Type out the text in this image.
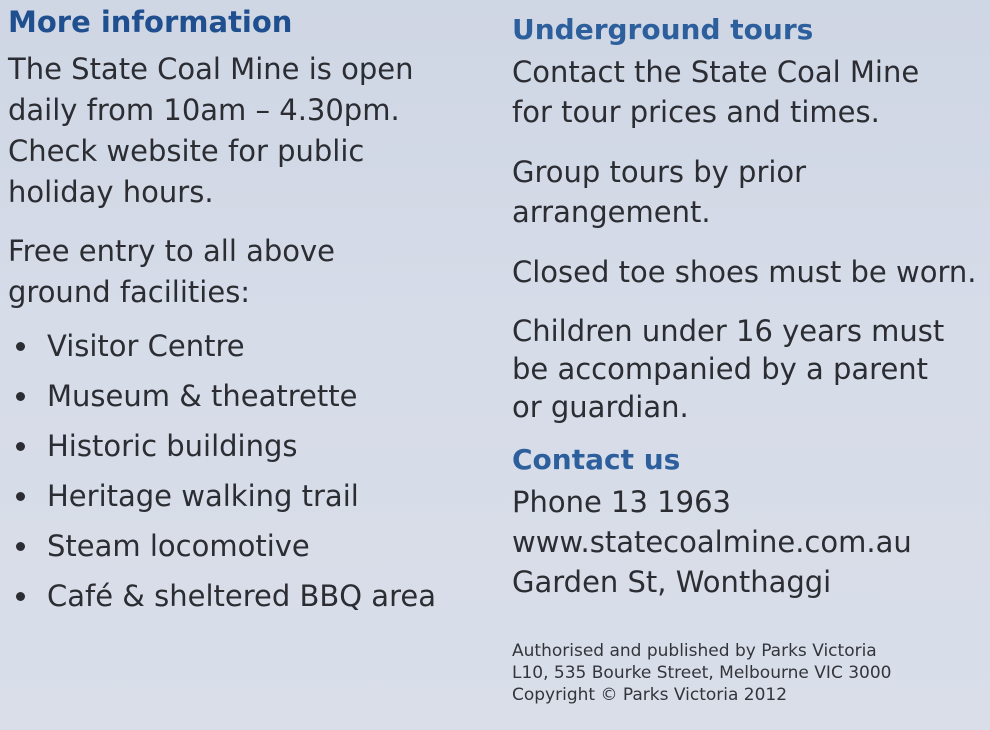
More information

The State Coal Mine is open
daily from 10am – 4.30pm.
Check website for public
holiday hours.

Free entry to all above
ground facilities:

Visitor Centre
Museum & theatrette
Historic buildings
Heritage walking trail
Steam locomotive
Café & sheltered BBQ area
Underground tours

Contact the State Coal Mine
for tour prices and times.

Group tours by prior arrangement.

Closed toe shoes must be worn.

Children under 16 years must
be accompanied by a parent
or guardian.

Contact us

Phone 13 1963

www.statecoalmine.com.au

Garden St, Wonthaggi

Authorised and published by Parks Victoria

L10, 535 Bourke Street, Melbourne VIC 3000

Copyright © Parks Victoria 2012
